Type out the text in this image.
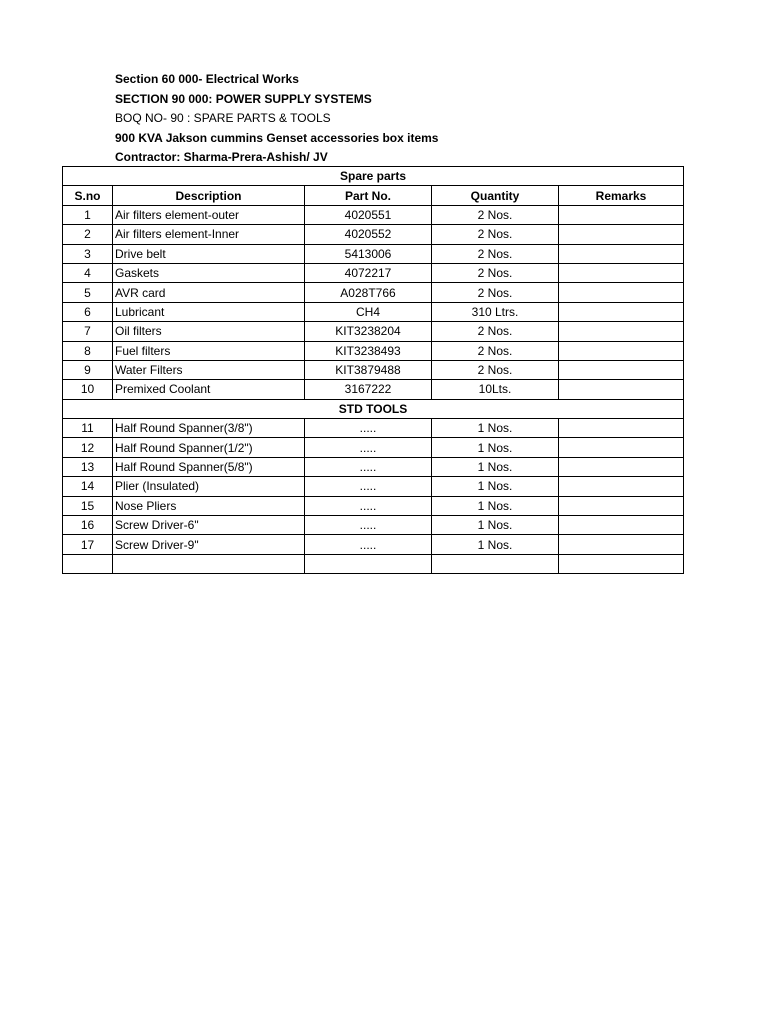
Section 60 000- Electrical Works
SECTION 90 000: POWER SUPPLY SYSTEMS
BOQ NO- 90 : SPARE PARTS & TOOLS
900 KVA Jakson cummins Genset accessories box items
Contractor: Sharma-Prera-Ashish/ JV
Spare parts				
S.no	Description	Part No.	Quantity	Remarks
1	Air filters element-outer	4020551	2 Nos.	
2	Air filters element-Inner	4020552	2 Nos.	
3	Drive belt	5413006	2 Nos.	
4	Gaskets	4072217	2 Nos.	
5	AVR card	A028T766	2 Nos.	
6	Lubricant	CH4	310 Ltrs.	
7	Oil filters	KIT3238204	2 Nos.	
8	Fuel filters	KIT3238493	2 Nos.	
9	Water Filters	KIT3879488	2 Nos.	
10	Premixed Coolant	3167222	10Lts.	
STD TOOLS				
11	Half Round Spanner(3/8")	.....	1 Nos.	
12	Half Round Spanner(1/2")	.....	1 Nos.	
13	Half Round Spanner(5/8")	.....	1 Nos.	
14	Plier (Insulated)	.....	1 Nos.	
15	Nose Pliers	.....	1 Nos.	
16	Screw Driver-6"	.....	1 Nos.	
17	Screw Driver-9"	.....	1 Nos.	
